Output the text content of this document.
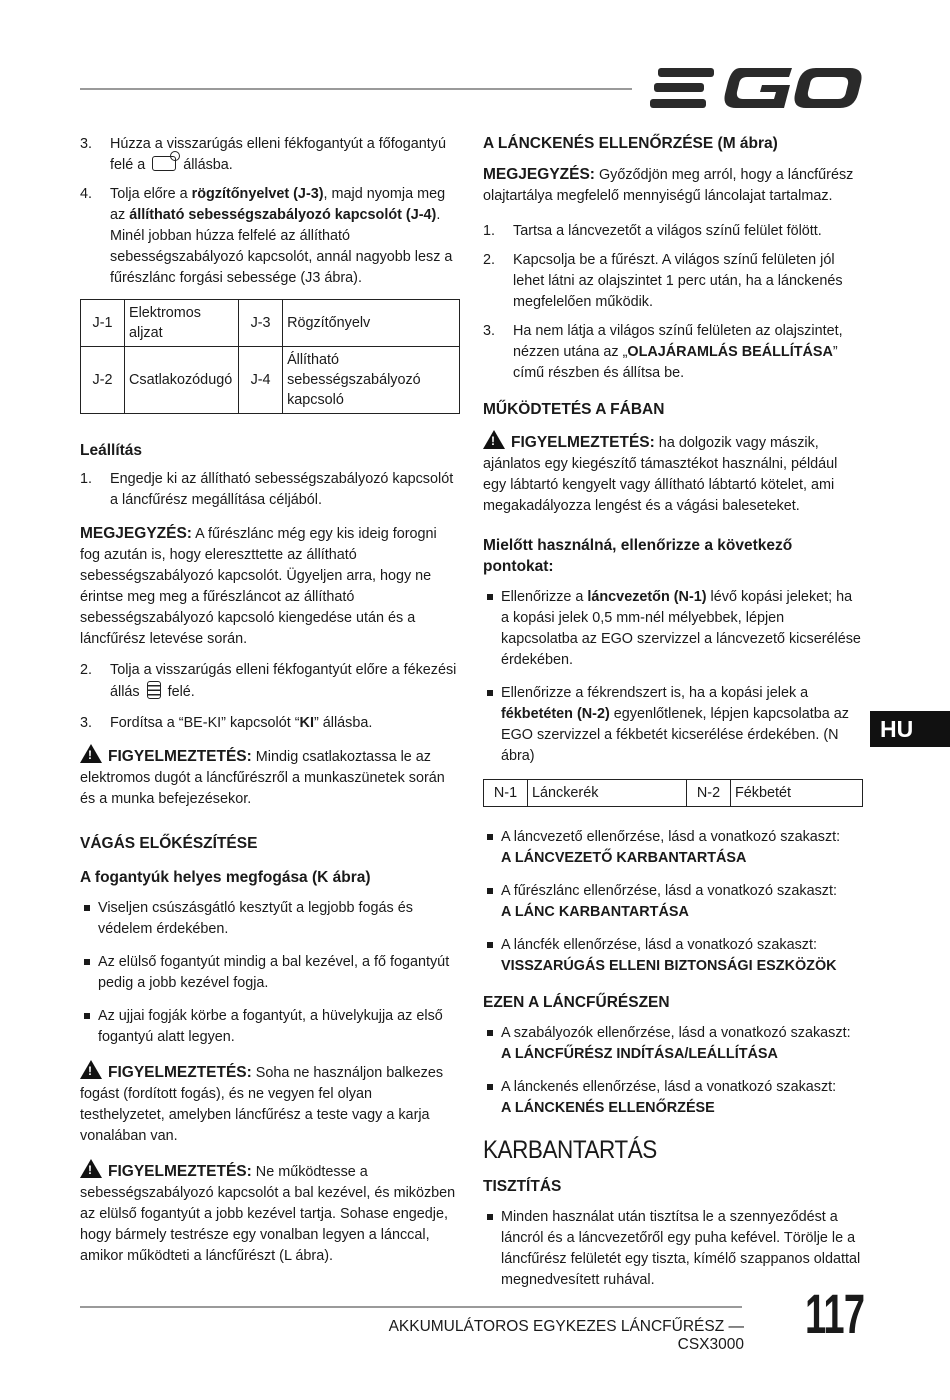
3.	Húzza a visszarúgás elleni fékfogantyút a főfogantyú felé a  állásba.
4.	Tolja előre a rögzítőnyelvet (J-3), majd nyomja meg az állítható sebességszabályozó kapcsolót (J-4). Minél jobban húzza felfelé az állítható sebességszabályozó kapcsolót, annál nagyobb lesz a fűrészlánc forgási sebessége (J3 ábra).
J-1	Elektromos aljzat	J-3	Rögzítőnyelv
J-2	Csatlakozódugó	J-4	Állítható sebességszabályozó kapcsoló
Leállítás
1.	Engedje ki az állítható sebességszabályozó kapcsolót a láncfűrész megállítása céljából.

MEGJEGYZÉS: A fűrészlánc még egy kis ideig forogni fog azután is, hogy elereszttette az állítható sebességszabályozó kapcsolót. Ügyeljen arra, hogy ne érintse meg meg a fűrészláncot az állítható sebességszabályozó kapcsoló kiengedése után és a láncfűrész letevése során.

2.	Tolja a visszarúgás elleni fékfogantyút előre a fékezési állás  felé.
3.	Fordítsa a “BE-KI” kapcsolót “KI” állásba.

!FIGYELMEZTETÉS: Mindig csatlakoztassa le az elektromos dugót a láncfűrészről a munkaszünetek során és a munka befejezésekor.

VÁGÁS ELŐKÉSZÍTÉSE
A fogantyúk helyes megfogása (K ábra)
Viseljen csúszásgátló kesztyűt a legjobb fogás és védelem érdekében.
Az elülső fogantyút mindig a bal kezével, a fő fogantyút pedig a jobb kezével fogja.
Az ujjai fogják körbe a fogantyút, a hüvelykujja az első fogantyú alatt legyen.

!FIGYELMEZTETÉS: Soha ne használjon balkezes fogást (fordított fogás), és ne vegyen fel olyan testhelyzetet, amelyben láncfűrész a teste vagy a karja vonalában van.

!FIGYELMEZTETÉS: Ne működtesse a sebességszabályozó kapcsolót a bal kezével, és miközben az elülső fogantyút a jobb kezével tartja. Sohase engedje, hogy bármely testrésze egy vonalban legyen a lánccal, amikor működteti a láncfűrészt (L ábra).

A LÁNCKENÉS ELLENŐRZÉSE (M ábra)

MEGJEGYZÉS: Győződjön meg arról, hogy a láncfűrész olajtartálya megfelelő mennyiségű láncolajat tartalmaz.

1.	Tartsa a láncvezetőt a világos színű felület fölött.
2.	Kapcsolja be a fűrészt. A világos színű felületen jól lehet látni az olajszintet 1 perc után, ha a lánckenés megfelelően működik.
3.	Ha nem látja a világos színű felületen az olajszintet, nézzen utána az „OLAJÁRAMLÁS BEÁLLÍTÁSA” című részben és állítsa be.
MŰKÖDTETÉS A FÁBAN

!FIGYELMEZTETÉS: ha dolgozik vagy mászik, ajánlatos egy kiegészítő támasztékot használni, például egy lábtartó kengyelt vagy állítható lábtartó kötelet, ami megakadályozza lengést és a vágási baleseteket.

Mielőtt használná, ellenőrizze a következő pontokat:
Ellenőrizze a láncvezetőn (N-1) lévő kopási jeleket; ha a kopási jelek 0,5 mm-nél mélyebbek, lépjen kapcsolatba az EGO szervizzel a láncvezető kicserélése érdekében.
Ellenőrizze a fékrendszert is, ha a kopási jelek a fékbetéten (N-2) egyenlőtlenek, lépjen kapcsolatba az EGO szervizzel a fékbetét kicserélése érdekében. (N ábra)
N-1	Lánckerék	N-2	Fékbetét
A láncvezető ellenőrzése, lásd a vonatkozó szakaszt:
A LÁNCVEZETŐ KARBANTARTÁSA
A fűrészlánc ellenőrzése, lásd a vonatkozó szakaszt:
A LÁNC KARBANTARTÁSA
A láncfék ellenőrzése, lásd a vonatkozó szakaszt:
VISSZARÚGÁS ELLENI BIZTONSÁGI ESZKÖZÖK
EZEN A LÁNCFŰRÉSZEN
A szabályozók ellenőrzése, lásd a vonatkozó szakaszt:
A LÁNCFŰRÉSZ INDÍTÁSA/LEÁLLÍTÁSA
A lánckenés ellenőrzése, lásd a vonatkozó szakaszt:
A LÁNCKENÉS ELLENŐRZÉSE
KARBANTARTÁS
TISZTÍTÁS
Minden használat után tisztítsa le a szennyeződést a láncról és a láncvezetőről egy puha kefével. Törölje le a láncfűrész felületét egy tiszta, kímélő szappanos oldattal megnedvesített ruhával.
HU
AKKUMULÁTOROS EGYKEZES LÁNCFŰRÉSZ — CSX3000 117
